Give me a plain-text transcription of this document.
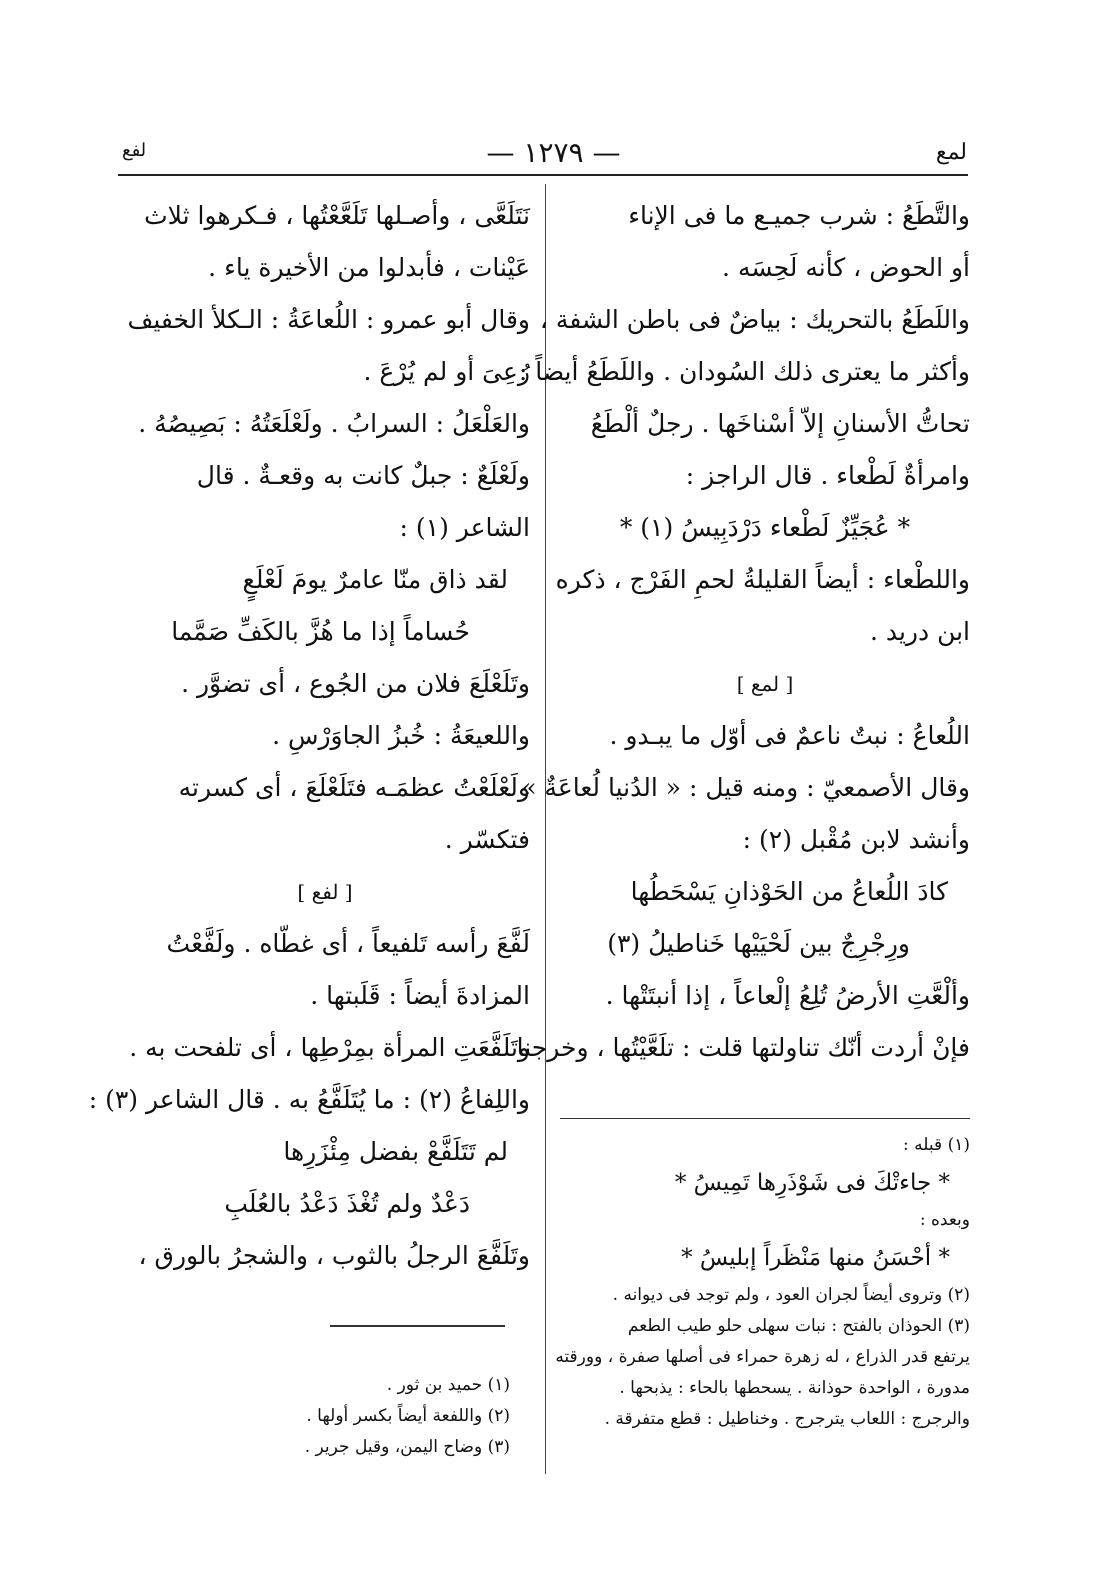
لمع
— ١٢٧٩ —
لفع
والتَّطَعُ : شرب جميـع ما فى الإناء
أو الحوض ، كأنه لَحِسَه .
واللَطَعُ بالتحريك : بياضٌ فى باطن الشفة ،
وأكثر ما يعترى ذلك السُودان . واللَطَعُ أيضاً :
تحاتُّ الأسنانِ إلاّ أسْناخَها . رجلٌ ألْطَعُ
وامرأةٌ لَطْعاء . قال الراجز :
* عُجَيِّزٌ لَطْعاء دَرْدَبِيسُ (١) *
واللطْعاء : أيضاً القليلةُ لحمِ الفَرْج ، ذكره
ابن دريد .
[ لمع ]
اللُعاعُ : نبتٌ ناعمٌ فى أوّل ما يبـدو .
وقال الأصمعيّ : ومنه قيل : « الدُنيا لُعاعَةٌ » .
وأنشد لابن مُقْبل (٢) :
كادَ اللُعاعُ من الحَوْذانِ يَسْحَطُها
ورِجْرِجٌ بين لَحْيَيْها خَناطيلُ (٣)
وألْعَّتِ الأرضُ تُلِعُ إلْعاعاً ، إذا أنبتَتْها .
فإنْ أردت أنّك تناولتها قلت : تلَعَّيْتُها ، وخرجنا
نَتَلَعَّى ، وأصـلها تَلَعَّعْتُها ، فـكرهوا ثلاث
عَيْنات ، فأبدلوا من الأخيرة ياء .
وقال أبو عمرو : اللُعاعَةُ : الـكلأ الخفيف
رُعِىَ أو لم يُرْعَ .
والعَلْعَلُ : السرابُ . ولَعْلَعَتُهُ : بَصِيصُهُ .
ولَعْلَعٌ : جبلٌ كانت به وقعـةٌ . قال
الشاعر (١) :
لقد ذاق منّا عامرٌ يومَ لَعْلَعٍ
حُساماً إذا ما هُزَّ بالكَفِّ صَمَّما
وتَلَعْلَعَ فلان من الجُوع ، أى تضوَّر .
واللعيعَةُ : خُبزُ الجاوَرْسِ .
ولَعْلَعْتُ عظمَـه فتَلَعْلَعَ ، أى كسرته
فتكسّر .
[ لفع ]
لَفَّعَ رأسه تَلفيعاً ، أى غطّاه . ولَفَّعْتُ
المزادةَ أيضاً : قَلَبتها .
وتَلَفَّعَتِ المرأة بمِرْطِها ، أى تلفحت به .
واللِفاعُ (٢) : ما يُتَلَفَّعُ به . قال الشاعر (٣) :
لم تَتَلَفَّعْ بفضل مِئْزَرِها
دَعْدٌ ولم تُغْذَ دَعْدُ بالعُلَبِ
وتَلَفَّعَ الرجلُ بالثوب ، والشجرُ بالورق ،
(١) قبله :
* جاءتْكَ فى شَوْذَرِها تَمِيسُ *
وبعده :
* أحْسَنُ منها مَنْظَراً إبليسُ *
(٢) وتروى أيضاً لجران العود ، ولم توجد فى ديوانه .
(٣) الحوذان بالفتح : نبات سهلى حلو طيب الطعم
يرتفع قدر الذراع ، له زهرة حمراء فى أصلها صفرة ، وورقته
مدورة ، الواحدة حوذانة . يسحطها بالحاء : يذبحها .
والرجرج : اللعاب يترجرج . وخناطيل : قطع متفرقة .
(١) حميد بن ثور .
(٢) واللفعة أيضاً بكسر أولها .
(٣) وضاح اليمن، وقيل جرير .
